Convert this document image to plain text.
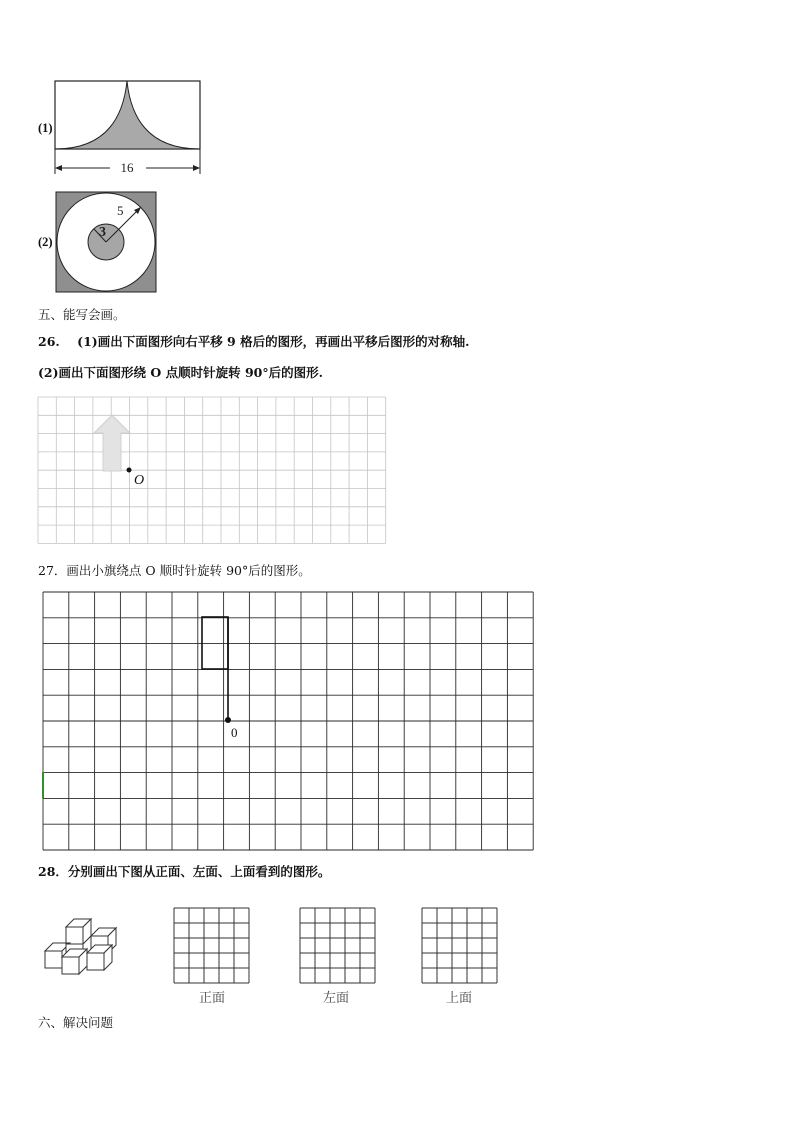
(1)
16
(2)
5
3
五、能写会画。
26. (1)画出下面图形向右平移 9 格后的图形，再画出平移后图形的对称轴.
(2)画出下面图形绕 O 点顺时针旋转 90°后的图形.
O
27．画出小旗绕点 O 顺时针旋转 90°后的图形。
0
28．分别画出下图从正面、左面、上面看到的图形。
正面	左面	上面
六、解决问题
